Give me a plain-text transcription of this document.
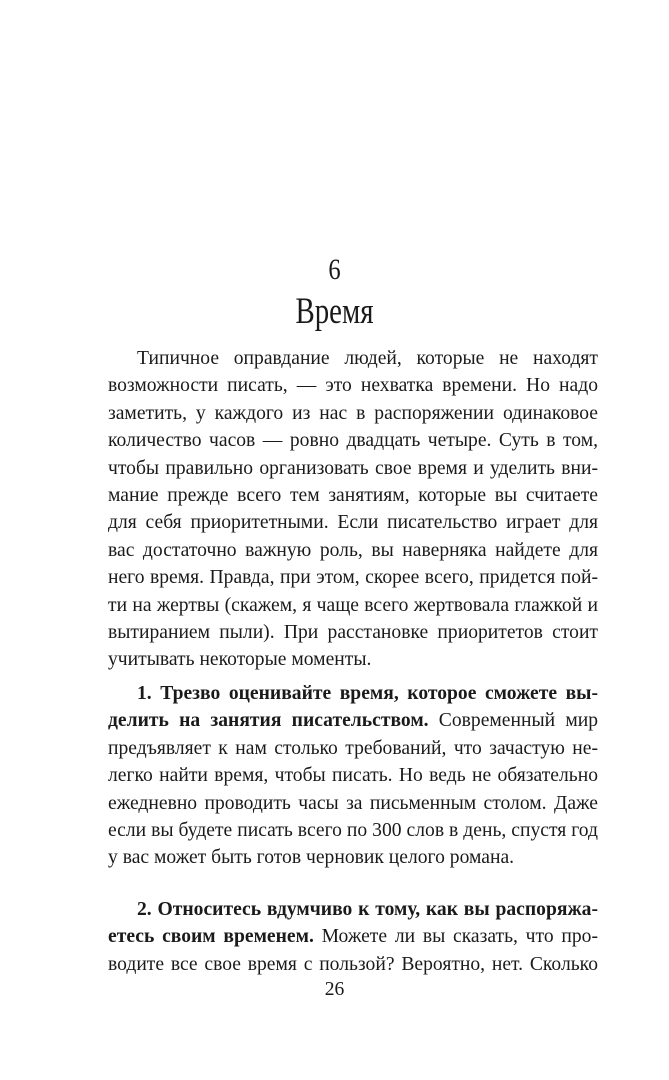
6
Время
Типичное оправдание людей, которые не находят
возможности писать, — это нехватка времени. Но надо
заметить, у каждого из нас в распоряжении одинаковое
количество часов — ровно двадцать четыре. Суть в том,
чтобы правильно организовать свое время и уделить вни-
мание прежде всего тем занятиям, которые вы считаете
для себя приоритетными. Если писательство играет для
вас достаточно важную роль, вы наверняка найдете для
него время. Правда, при этом, скорее всего, придется пой-
ти на жертвы (скажем, я чаще всего жертвовала глажкой и
вытиранием пыли). При расстановке приоритетов стоит
учитывать некоторые моменты.
1. Трезво оценивайте время, которое сможете вы-
делить на занятия писательством. Современный мир
предъявляет к нам столько требований, что зачастую не-
легко найти время, чтобы писать. Но ведь не обязательно
ежедневно проводить часы за письменным столом. Даже
если вы будете писать всего по 300 слов в день, спустя год
у вас может быть готов черновик целого романа.
2. Относитесь вдумчиво к тому, как вы распоряжа-
етесь своим временем. Можете ли вы сказать, что про-
водите все свое время с пользой? Вероятно, нет. Сколько
26
